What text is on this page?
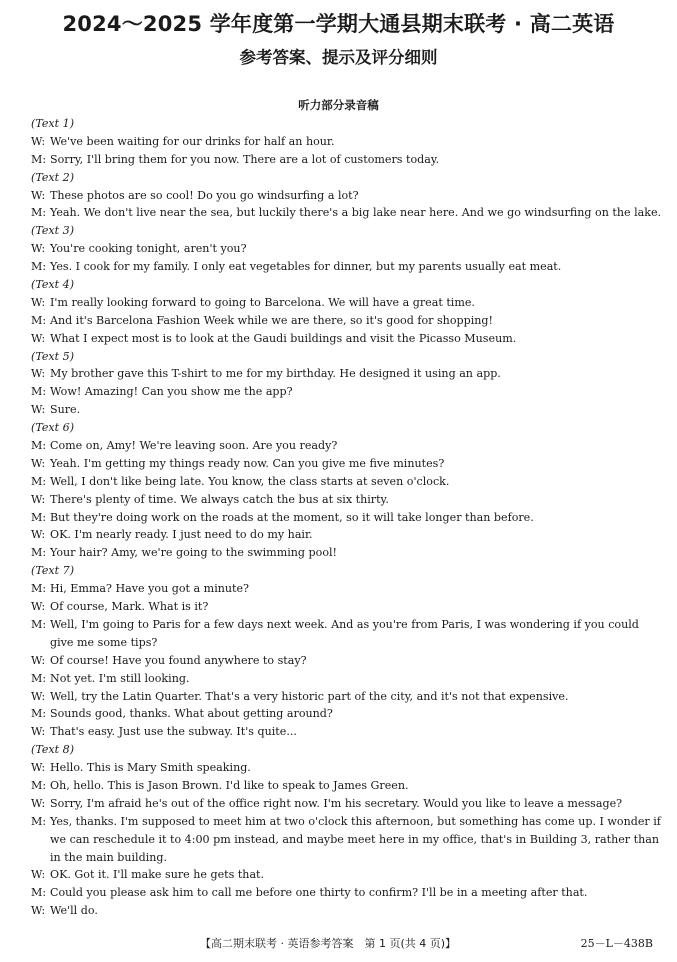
2024～2025 学年度第一学期大通县期末联考 · 高二英语
参考答案、提示及评分细则
听力部分录音稿
(Text 1)
W: We've been waiting for our drinks for half an hour.
M: Sorry, I'll bring them for you now. There are a lot of customers today.
(Text 2)
W: These photos are so cool! Do you go windsurfing a lot?
M: Yeah. We don't live near the sea, but luckily there's a big lake near here. And we go windsurfing on the lake.
(Text 3)
W: You're cooking tonight, aren't you?
M: Yes. I cook for my family. I only eat vegetables for dinner, but my parents usually eat meat.
(Text 4)
W: I'm really looking forward to going to Barcelona. We will have a great time.
M: And it's Barcelona Fashion Week while we are there, so it's good for shopping!
W: What I expect most is to look at the Gaudi buildings and visit the Picasso Museum.
(Text 5)
W: My brother gave this T-shirt to me for my birthday. He designed it using an app.
M: Wow! Amazing! Can you show me the app?
W: Sure.
(Text 6)
M: Come on, Amy! We're leaving soon. Are you ready?
W: Yeah. I'm getting my things ready now. Can you give me five minutes?
M: Well, I don't like being late. You know, the class starts at seven o'clock.
W: There's plenty of time. We always catch the bus at six thirty.
M: But they're doing work on the roads at the moment, so it will take longer than before.
W: OK. I'm nearly ready. I just need to do my hair.
M: Your hair? Amy, we're going to the swimming pool!
(Text 7)
M: Hi, Emma? Have you got a minute?
W: Of course, Mark. What is it?
M: Well, I'm going to Paris for a few days next week. And as you're from Paris, I was wondering if you could give me some tips?
W: Of course! Have you found anywhere to stay?
M: Not yet. I'm still looking.
W: Well, try the Latin Quarter. That's a very historic part of the city, and it's not that expensive.
M: Sounds good, thanks. What about getting around?
W: That's easy. Just use the subway. It's quite...
(Text 8)
W: Hello. This is Mary Smith speaking.
M: Oh, hello. This is Jason Brown. I'd like to speak to James Green.
W: Sorry, I'm afraid he's out of the office right now. I'm his secretary. Would you like to leave a message?
M: Yes, thanks. I'm supposed to meet him at two o'clock this afternoon, but something has come up. I wonder if we can reschedule it to 4:00 pm instead, and maybe meet here in my office, that's in Building 3, rather than in the main building.
W: OK. Got it. I'll make sure he gets that.
M: Could you please ask him to call me before one thirty to confirm? I'll be in a meeting after that.
W: We'll do.
【高二期末联考 · 英语参考答案　第 1 页(共 4 页)】	25－L－438B
